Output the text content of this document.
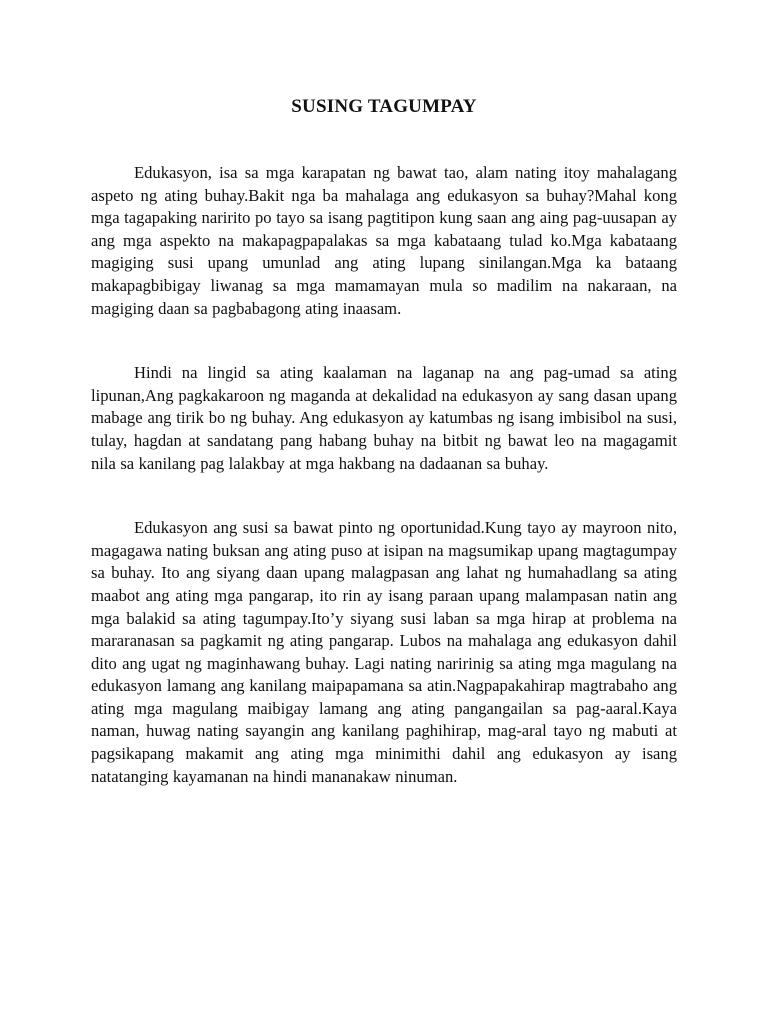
SUSING TAGUMPAY

Edukasyon, isa sa mga karapatan ng bawat tao, alam nating itoy mahalagang aspeto ng ating buhay.Bakit nga ba mahalaga ang edukasyon sa buhay?Mahal kong mga tagapaking naririto po tayo sa isang pagtitipon kung saan ang aing pag-uusapan ay ang mga aspekto na makapagpapalakas sa mga kabataang tulad ko.Mga kabataang magiging susi upang umunlad ang ating lupang sinilangan.Mga ka bataang makapagbibigay liwanag sa mga mamamayan mula so madilim na nakaraan, na magiging daan sa pagbabagong ating inaasam.

Hindi na lingid sa ating kaalaman na laganap na ang pag-umad sa ating lipunan,Ang pagkakaroon ng maganda at dekalidad na edukasyon ay sang dasan upang mabage ang tirik bo ng buhay. Ang edukasyon ay katumbas ng isang imbisibol na susi, tulay, hagdan at sandatang pang habang buhay na bitbit ng bawat leo na magagamit nila sa kanilang pag lalakbay at mga hakbang na dadaanan sa buhay.

Edukasyon ang susi sa bawat pinto ng oportunidad.Kung tayo ay mayroon nito, magagawa nating buksan ang ating puso at isipan na magsumikap upang magtagumpay sa buhay. Ito ang siyang daan upang malagpasan ang lahat ng humahadlang sa ating maabot ang ating mga pangarap, ito rin ay isang paraan upang malampasan natin ang mga balakid sa ating tagumpay.Ito’y siyang susi laban sa mga hirap at problema na mararanasan sa pagkamit ng ating pangarap. Lubos na mahalaga ang edukasyon dahil dito ang ugat ng maginhawang buhay. Lagi nating naririnig sa ating mga magulang na edukasyon lamang ang kanilang maipapamana sa atin.Nagpapakahirap magtrabaho ang ating mga magulang maibigay lamang ang ating pangangailan sa pag-aaral.Kaya naman, huwag nating sayangin ang kanilang paghihirap, mag-aral tayo ng mabuti at pagsikapang makamit ang ating mga minimithi dahil ang edukasyon ay isang natatanging kayamanan na hindi mananakaw ninuman.
